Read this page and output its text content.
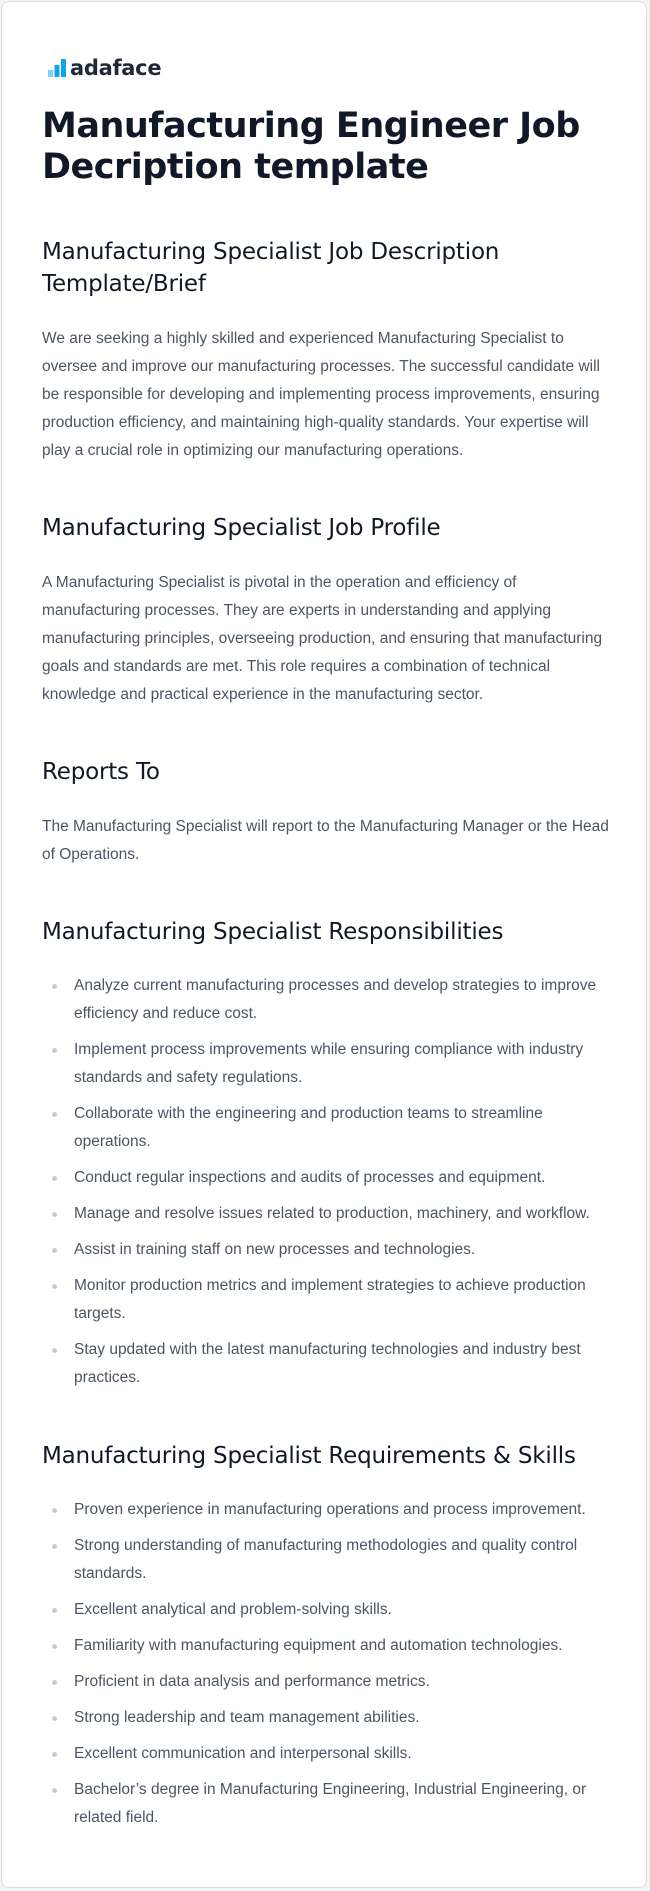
adaface
Manufacturing Engineer Job Decription template
Manufacturing Specialist Job Description Template/Brief

We are seeking a highly skilled and experienced Manufacturing Specialist to oversee and improve our manufacturing processes. The successful candidate will be responsible for developing and implementing process improvements, ensuring production efficiency, and maintaining high-quality standards. Your expertise will play a crucial role in optimizing our manufacturing operations.

Manufacturing Specialist Job Profile

A Manufacturing Specialist is pivotal in the operation and efficiency of manufacturing processes. They are experts in understanding and applying manufacturing principles, overseeing production, and ensuring that manufacturing goals and standards are met. This role requires a combination of technical knowledge and practical experience in the manufacturing sector.

Reports To

The Manufacturing Specialist will report to the Manufacturing Manager or the Head of Operations.

Manufacturing Specialist Responsibilities
Analyze current manufacturing processes and develop strategies to improve efficiency and reduce cost.
Implement process improvements while ensuring compliance with industry standards and safety regulations.
Collaborate with the engineering and production teams to streamline operations.
Conduct regular inspections and audits of processes and equipment.
Manage and resolve issues related to production, machinery, and workflow.
Assist in training staff on new processes and technologies.
Monitor production metrics and implement strategies to achieve production targets.
Stay updated with the latest manufacturing technologies and industry best practices.
Manufacturing Specialist Requirements & Skills
Proven experience in manufacturing operations and process improvement.
Strong understanding of manufacturing methodologies and quality control standards.
Excellent analytical and problem-solving skills.
Familiarity with manufacturing equipment and automation technologies.
Proficient in data analysis and performance metrics.
Strong leadership and team management abilities.
Excellent communication and interpersonal skills.
Bachelor’s degree in Manufacturing Engineering, Industrial Engineering, or related field.
